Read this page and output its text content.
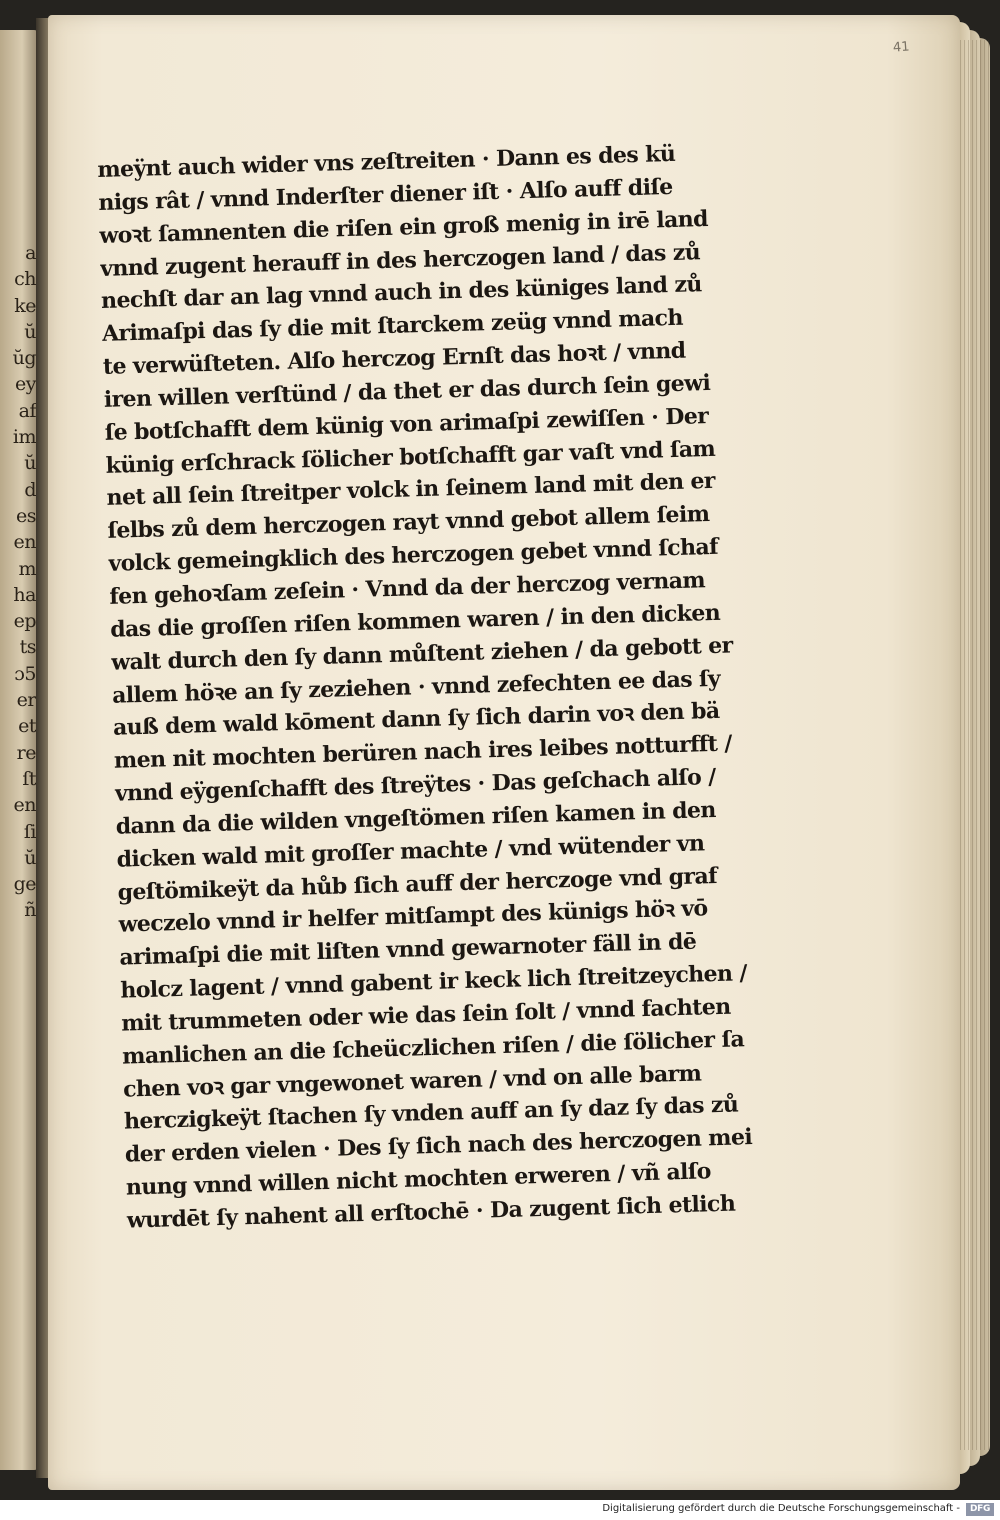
a
ch
ke
ŭ
ŭg
ey
af
im
ŭ
ď
es
en
m
ha
ep
ts
ɔ5
er
et
re
ſt
en
ſi
ŭ
ge
ñ
41
meÿnt auch wider vns zeſtreiten · Dann es des kü
nigs rât / vnnd Inderſter diener iſt · Alſo auff diſe
woꝛt ſamnenten die riſen ein groß menig in irē land
vnnd zugent herauff in des herczogen land / das zů
nechſt dar an lag vnnd auch in des küniges land zů
Arimaſpi das ſy die mit ſtarckem zeüg vnnd mach
te verwüſteten. Alſo herczog Ernſt das hoꝛt / vnnd
iren willen verſtünd / da thet er das durch ſein gewi
ſe botſchafft dem künig von arimaſpi zewiſſen · Der
künig erſchrack ſölicher botſchafft gar vaſt vnd ſam
net all ſein ſtreitper volck in ſeinem land mit den er
ſelbs zů dem herczogen rayt vnnd gebot allem ſeim
volck gemeingklich des herczogen gebet vnnd ſchaf
fen gehoꝛſam zeſein · Vnnd da der herczog vernam
das die groſſen riſen kommen waren / in den dicken
walt durch den ſy dann můſtent ziehen / da gebott er
allem höꝛe an ſy zeziehen · vnnd zefechten ee das ſy
auß dem wald kōment dann ſy ſich darin voꝛ den bä
men nit mochten berüren nach ires leibes notturfft /
vnnd eÿgenſchafft des ſtreÿtes · Das geſchach alſo /
dann da die wilden vngeſtömen riſen kamen in den
dicken wald mit groſſer machte / vnd wütender vn
geſtömikeÿt da hůb ſich auff der herczoge vnd graf
weczelo vnnd ir helfer mitſampt des künigs höꝛ vō
arimaſpi die mit liſten vnnd gewarnoter fäll in dē
holcz lagent / vnnd gabent ir keck lich ſtreitzeychen /
mit trummeten oder wie das ſein ſolt / vnnd fachten
manlichen an die ſcheüczlichen riſen / die ſölicher ſa
chen voꝛ gar vngewonet waren / vnd on alle barm
herczigkeÿt ſtachen ſy vnden auff an ſy daz ſy das zů
der erden vielen · Des ſy ſich nach des herczogen mei
nung vnnd willen nicht mochten erweren / vñ alſo
wurdēt ſy nahent all erſtochē · Da zugent ſich etlich
Digitalisierung gefördert durch die Deutsche Forschungsgemeinschaft -	DFG
